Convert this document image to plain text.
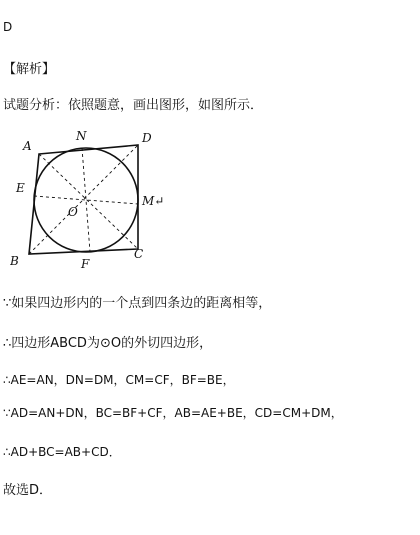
D
【解析】
试题分析：依照题意，画出图形，如图所示．
A
N	D
E
M↵
O
B	F
C
∵如果四边形内的一个点到四条边的距离相等，
∴四边形ABCD为⊙O的外切四边形，
∴AE=AN，DN=DM，CM=CF，BF=BE，
∵AD=AN+DN，BC=BF+CF，AB=AE+BE，CD=CM+DM，
∴AD+BC=AB+CD．
故选D．
